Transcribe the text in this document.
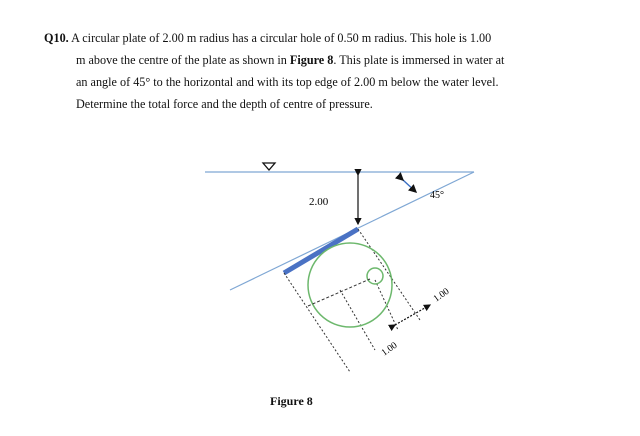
Q10. A circular plate of 2.00 m radius has a circular hole of 0.50 m radius. This hole is 1.00
m above the centre of the plate as shown in Figure 8. This plate is immersed in water at
an angle of 45° to the horizontal and with its top edge of 2.00 m below the water level.
Determine the total force and the depth of centre of pressure.
45°
2.00
1.00
1.00
Figure 8
